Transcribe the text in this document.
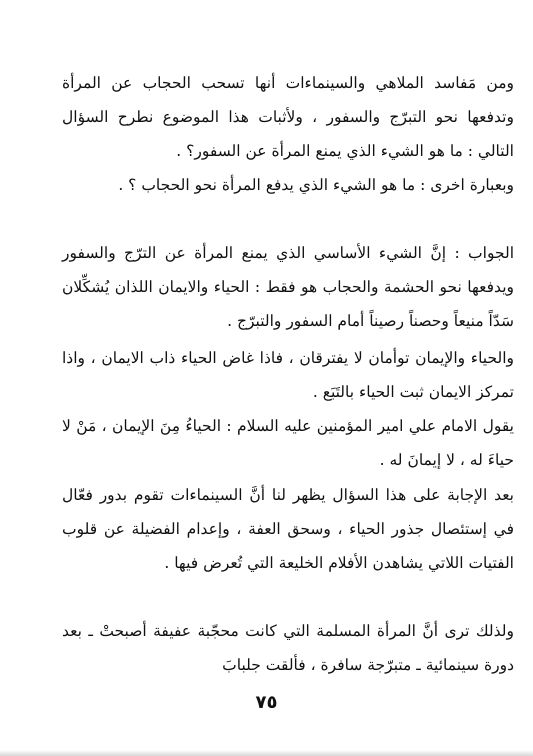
ومن مَفاسد الملاهي والسينماءات أنها تسحب الحجاب عن المرأة وتدفعها نحو التبرّج والسفور ، ولأثبات هذا الموضوع نطرح السؤال التالي : ما هو الشيء الذي يمنع المرأة عن السفور؟ .

وبعبارة اخرى : ما هو الشيء الذي يدفع المرأة نحو الحجاب ؟ .

الجواب : إنَّ الشيء الأساسي الذي يمنع المرأة عن الترّج والسفور ويدفعها نحو الحشمة والحجاب هو فقط : الحياء والايمان اللذان يُشكِّلان سَدّاً منيعاً وحصناً رصيناً أمام السفور والتبرّج .

والحياء والإيمان توأمان لا يفترقان ، فاذا غاض الحياء ذاب الايمان ، واذا تمركز الايمان ثبت الحياء بالتَبَع .

يقول الامام علي امير المؤمنين عليه السلام : الحياءُ مِنَ الإيمان ، مَنْ لا حياءَ له ، لا إيمانَ له .

بعد الإجابة على هذا السؤال يظهر لنا أنَّ السينماءات تقوم بدور فعّال في إستئصال جذور الحياء ، وسحق العفة ، وإعدام الفضيلة عن قلوب الفتيات اللاتي يشاهدن الأفلام الخليعة التي تُعرض فيها .

ولذلك ترى أنَّ المرأة المسلمة التي كانت محجّبة عفيفة أصبحتْ ـ بعد دورة سينمائية ـ متبرّجة سافرة ، فألقت جلبابَ

٧٥
